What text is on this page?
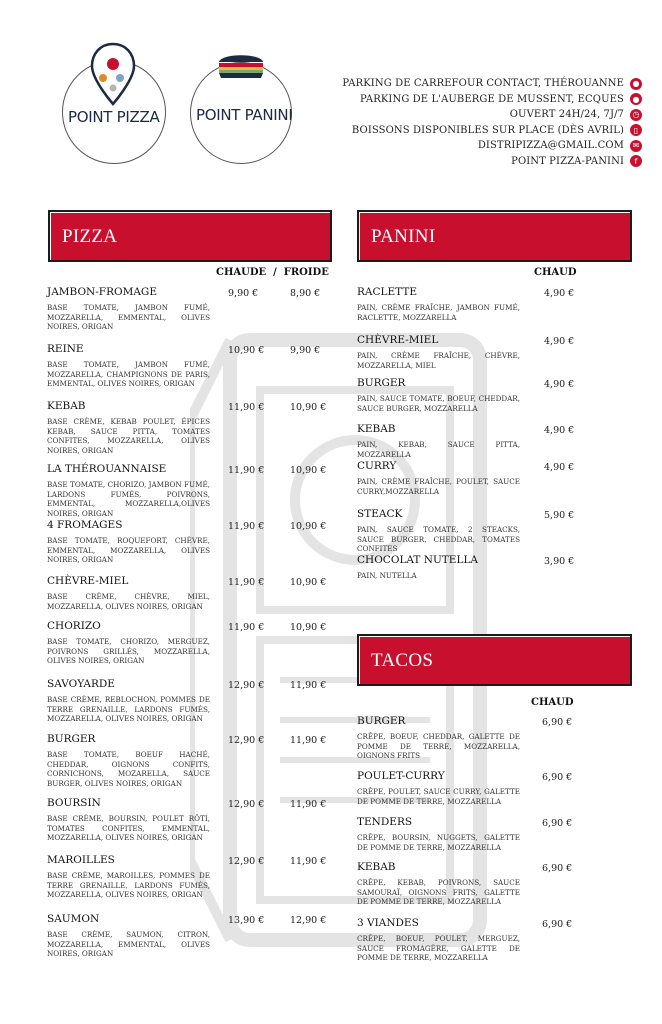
POINT PIZZA POINT PANINI
PARKING DE CARREFOUR CONTACT, THÉROUANNE	●
PARKING DE L'AUBERGE DE MUSSENT, ECQUES	●
OUVERT 24H/24, 7J/7	◷
BOISSONS DISPONIBLES SUR PLACE (DÈS AVRIL)	▯
DISTRIPIZZA@GMAIL.COM	✉
POINT PIZZA-PANINI	f
PIZZA	PANINI
TACOS
CHAUDE  /  FROIDE	CHAUD
CHAUD
JAMBON-FROMAGE
BASE TOMATE, JAMBON FUMÉ, MOZZARELLA, EMMENTAL, OLIVES NOIRES, ORIGAN
9,90 €	8,90 €
REINE
BASE TOMATE, JAMBON FUMÉ, MOZZARELLA, CHAMPIGNONS DE PARIS, EMMENTAL, OLIVES NOIRES, ORIGAN
10,90 €	9,90 €
KEBAB
BASE CRÈME, KEBAB POULET, ÉPICES KEBAB, SAUCE PITTA, TOMATES CONFITES, MOZZARELLA, OLIVES NOIRES, ORIGAN
11,90 €	10,90 €
LA THÉROUANNAISE
BASE TOMATE, CHORIZO, JAMBON FUMÉ, LARDONS FUMÉS, POIVRONS, EMMENTAL, MOZZARELLA,OLIVES NOIRES, ORIGAN
11,90 €	10,90 €
4 FROMAGES
BASE TOMATE, ROQUEFORT, CHÈVRE, EMMENTAL, MOZZARELLA, OLIVES NOIRES, ORIGAN
11,90 €	10,90 €
CHÈVRE-MIEL
BASE CRÈME, CHÈVRE, MIEL, MOZZARELLA, OLIVES NOIRES, ORIGAN
11,90 €	10,90 €
CHORIZO
BASE TOMATE, CHORIZO, MERGUEZ, POIVRONS GRILLÉS, MOZZARELLA, OLIVES NOIRES, ORIGAN
11,90 €	10,90 €
SAVOYARDE
BASE CRÈME, REBLOCHON, POMMES DE TERRE GRENAILLE, LARDONS FUMÉS, MOZZARELLA, OLIVES NOIRES, ORIGAN
12,90 €	11,90 €
BURGER
BASE TOMATE, BOEUF HACHÉ, CHEDDAR, OIGNONS CONFITS, CORNICHONS, MOZARELLA, SAUCE BURGER, OLIVES NOIRES, ORIGAN
12,90 €	11,90 €
BOURSIN
BASE CRÈME, BOURSIN, POULET RÔTI, TOMATES CONFITES, EMMENTAL, MOZZARELLA, OLIVES NOIRES, ORIGAN
12,90 €	11,90 €
MAROILLES
BASE CRÈME, MAROILLES, POMMES DE TERRE GRENAILLE, LARDONS FUMÉS, MOZZARELLA, OLIVES NOIRES, ORIGAN
12,90 €	11,90 €
SAUMON
BASE CRÈME, SAUMON, CITRON, MOZZARELLA, EMMENTAL, OLIVES NOIRES, ORIGAN
13,90 €	12,90 €
RACLETTE
PAIN, CRÈME FRAÎCHE, JAMBON FUMÉ, RACLETTE, MOZZARELLA
4,90 €
CHÈVRE-MIEL
PAIN, CRÈME FRAÎCHE, CHÈVRE, MOZZARELLA, MIEL
4,90 €
BURGER
PAIN, SAUCE TOMATE, BOEUF, CHEDDAR, SAUCE BURGER, MOZZARELLA
4,90 €
KEBAB
PAIN, KEBAB, SAUCE PITTA, MOZZARELLA
4,90 €
CURRY
PAIN, CRÈME FRAÎCHE, POULET, SAUCE CURRY,MOZZARELLA
4,90 €
STEACK
PAIN, SAUCE TOMATE, 2 STEACKS, SAUCE BURGER, CHEDDAR, TOMATES CONFITES
5,90 €
CHOCOLAT NUTELLA
PAIN, NUTELLA
3,90 €
BURGER
CRÊPE, BOEUF, CHEDDAR, GALETTE DE POMME DE TERRE, MOZZARELLA, OIGNONS FRITS
6,90 €
POULET-CURRY
CRÊPE, POULET, SAUCE CURRY, GALETTE DE POMME DE TERRE, MOZZARELLA
6,90 €
TENDERS
CRÊPE, BOURSIN, NUGGETS, GALETTE DE POMME DE TERRE, MOZZARELLA
6,90 €
KEBAB
CRÊPE, KEBAB, POIVRONS, SAUCE SAMOURAÏ, OIGNONS FRITS, GALETTE DE POMME DE TERRE, MOZZARELLA
6,90 €
3 VIANDES
CRÊPE, BOEUF, POULET, MERGUEZ, SAUCE FROMAGÈRE, GALETTE DE POMME DE TERRE, MOZZARELLA
6,90 €
